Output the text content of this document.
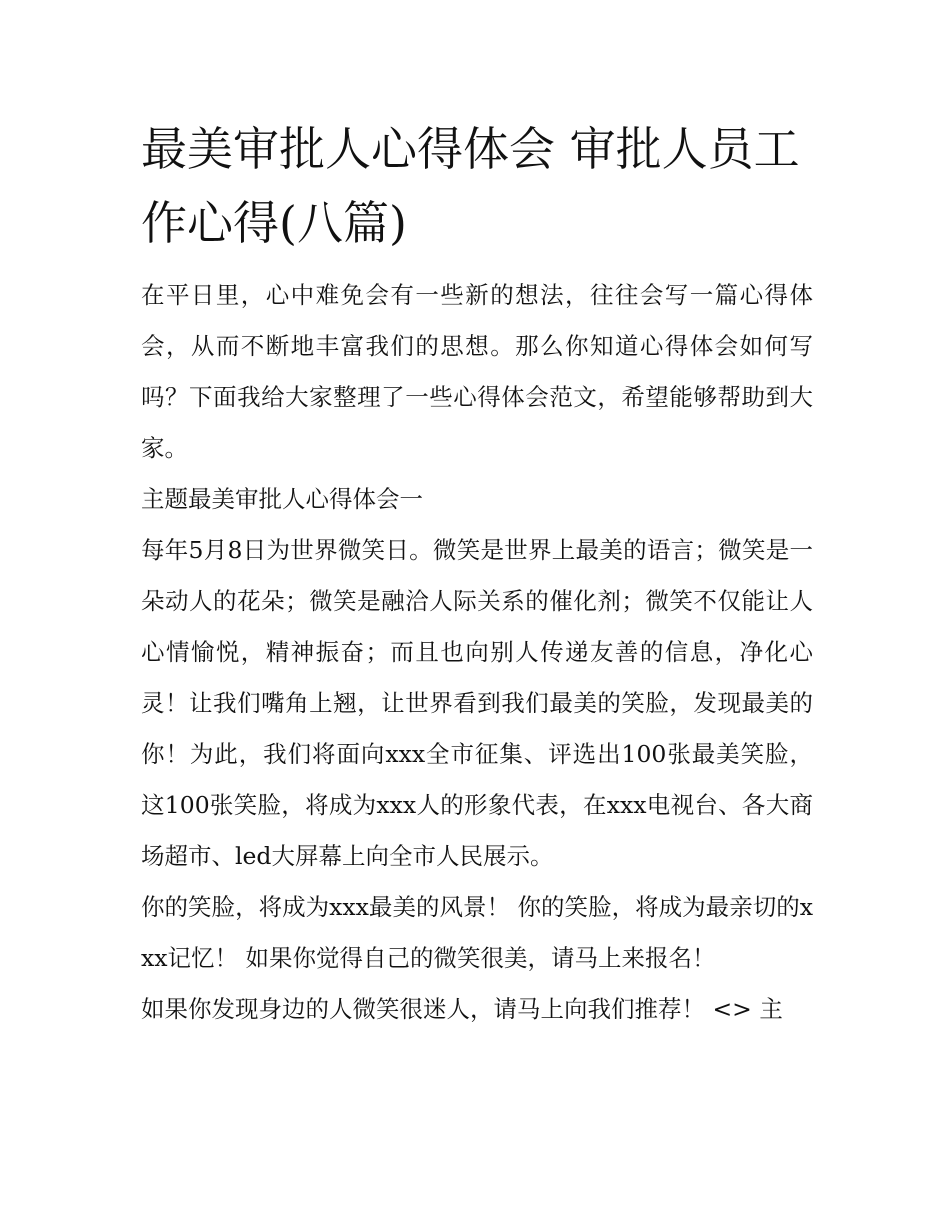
最美审批人心得体会 审批人员工作心得(八篇)

在平日里，心中难免会有一些新的想法，往往会写一篇心得体会，从而不断地丰富我们的思想。那么你知道心得体会如何写吗？下面我给大家整理了一些心得体会范文，希望能够帮助到大家。

主题最美审批人心得体会一

每年5月8日为世界微笑日。微笑是世界上最美的语言；微笑是一朵动人的花朵；微笑是融洽人际关系的催化剂；微笑不仅能让人心情愉悦，精神振奋；而且也向别人传递友善的信息，净化心灵！让我们嘴角上翘，让世界看到我们最美的笑脸，发现最美的你！为此，我们将面向xxx全市征集、评选出100张最美笑脸，这100张笑脸，将成为xxx人的形象代表，在xxx电视台、各大商场超市、led大屏幕上向全市人民展示。

你的笑脸，将成为xxx最美的风景！ 你的笑脸，将成为最亲切的xxx记忆！ 如果你觉得自己的微笑很美，请马上来报名！

如果你发现身边的人微笑很迷人，请马上向我们推荐！ <> 主
